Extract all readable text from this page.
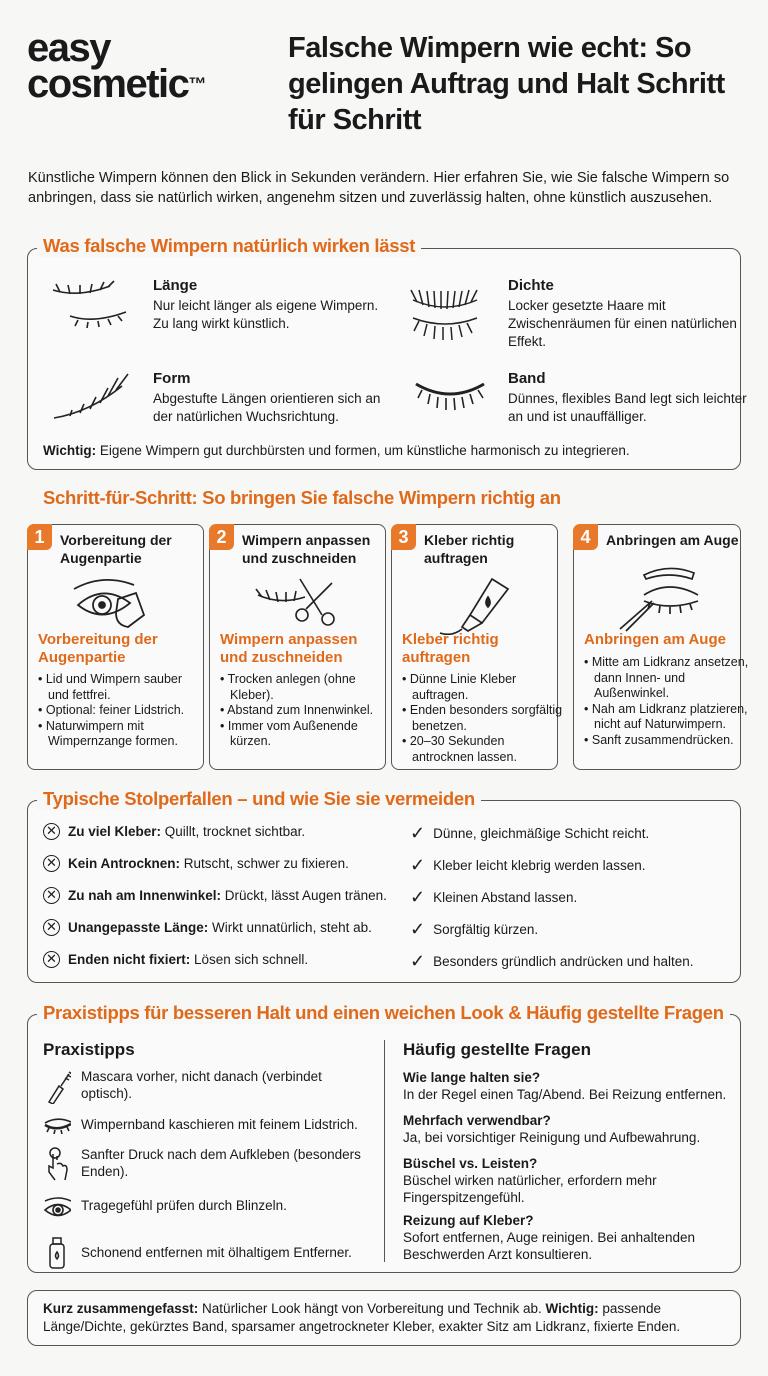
easy
cosmetic™
Falsche Wimpern wie echt: So gelingen Auftrag und Halt Schritt für Schritt

Künstliche Wimpern können den Blick in Sekunden verändern. Hier erfahren Sie, wie Sie falsche Wimpern so anbringen, dass sie natürlich wirken, angenehm sitzen und zuverlässig halten, ohne künstlich auszusehen.

Was falsche Wimpern natürlich wirken lässt
Länge
Nur leicht länger als eigene Wimpern. Zu lang wirkt künstlich.
Dichte
Locker gesetzte Haare mit Zwischenräumen für einen natürlichen Effekt.
Form
Abgestufte Längen orientieren sich an der natürlichen Wuchsrichtung.
Band
Dünnes, flexibles Band legt sich leichter an und ist unauffälliger.
Wichtig: Eigene Wimpern gut durchbürsten und formen, um künstliche harmonisch zu integrieren.
Schritt-für-Schritt: So bringen Sie falsche Wimpern richtig an
1	Vorbereitung der Augenpartie
Vorbereitung der Augenpartie
• Lid und Wimpern sauber und fettfrei.
• Optional: feiner Lidstrich.
• Naturwimpern mit Wimpernzange formen.
2	Wimpern anpassen und zuschneiden
Wimpern anpassen und zuschneiden
• Trocken anlegen (ohne Kleber).
• Abstand zum Innenwinkel.
• Immer vom Außenende kürzen.
3	Kleber richtig auftragen
Kleber richtig auftragen
• Dünne Linie Kleber auftragen.
• Enden besonders sorgfältig benetzen.
• 20–30 Sekunden antrocknen lassen.
4	Anbringen am Auge
Anbringen am Auge
• Mitte am Lidkranz ansetzen, dann Innen- und Außenwinkel.
• Nah am Lidkranz platzieren, nicht auf Naturwimpern.
• Sanft zusammendrücken.
Typische Stolperfallen – und wie Sie sie vermeiden
✕ Zu viel Kleber: Quillt, trocknet sichtbar.	✓ Dünne, gleichmäßige Schicht reicht.
✕ Kein Antrocknen: Rutscht, schwer zu fixieren.	✓ Kleber leicht klebrig werden lassen.
✕ Zu nah am Innenwinkel: Drückt, lässt Augen tränen. ✓ Kleinen Abstand lassen.
✕ Unangepasste Länge: Wirkt unnatürlich, steht ab. ✓ Sorgfältig kürzen.
✕ Enden nicht fixiert: Lösen sich schnell.	✓ Besonders gründlich andrücken und halten.
Praxistipps für besseren Halt und einen weichen Look & Häufig gestellte Fragen
Praxistipps	Häufig gestellte Fragen
Mascara vorher, nicht danach (verbindet optisch).
Wimpernband kaschieren mit feinem Lidstrich.
Sanfter Druck nach dem Aufkleben (besonders Enden).
Tragegefühl prüfen durch Blinzeln.
Schonend entfernen mit ölhaltigem Entferner.
Wie lange halten sie?
In der Regel einen Tag/Abend. Bei Reizung entfernen.
Mehrfach verwendbar?
Ja, bei vorsichtiger Reinigung und Aufbewahrung.
Büschel vs. Leisten?
Büschel wirken natürlicher, erfordern mehr Fingerspitzengefühl.
Reizung auf Kleber?
Sofort entfernen, Auge reinigen. Bei anhaltenden Beschwerden Arzt konsultieren.
Kurz zusammengefasst: Natürlicher Look hängt von Vorbereitung und Technik ab. Wichtig: passende Länge/Dichte, gekürztes Band, sparsamer angetrockneter Kleber, exakter Sitz am Lidkranz, fixierte Enden.
